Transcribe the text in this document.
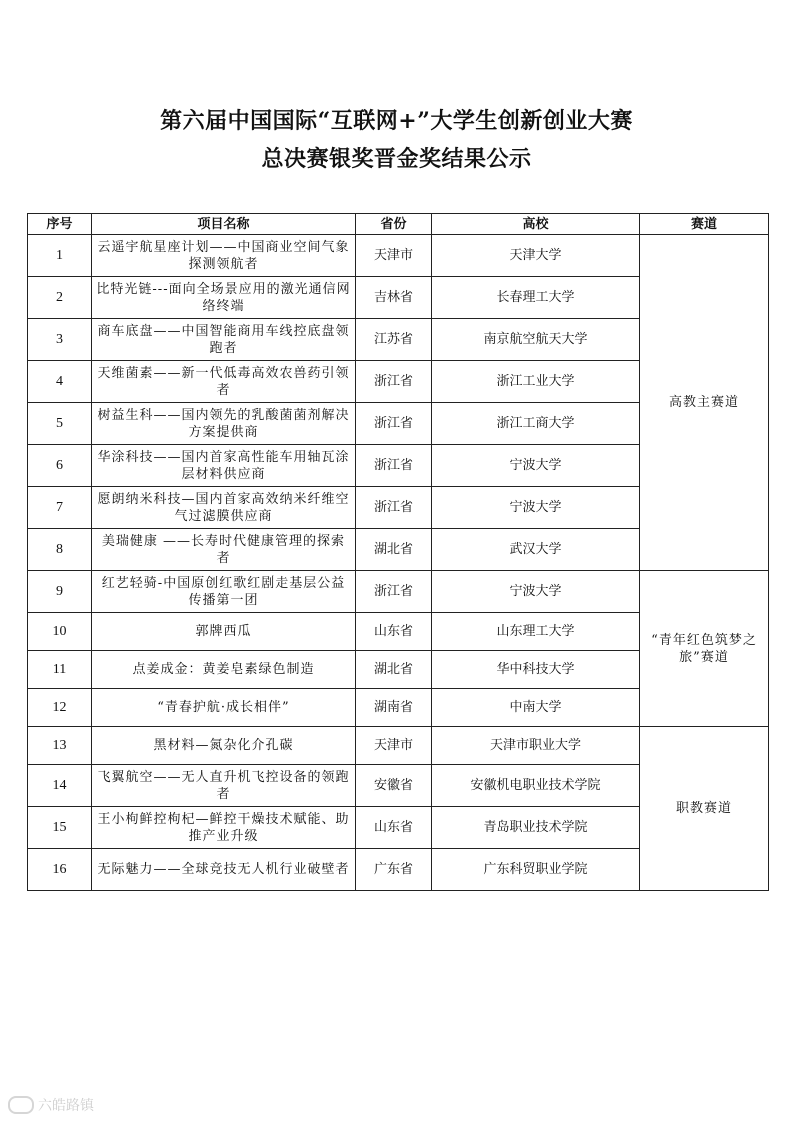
第六届中国国际“互联网+”大学生创新创业大赛
总决赛银奖晋金奖结果公示
序号	项目名称	省份	高校	赛道
1	云遥宇航星座计划——中国商业空间气象探测领航者	天津市	天津大学	高教主赛道
2	比特光链---面向全场景应用的激光通信网络终端	吉林省	长春理工大学	
3	商车底盘——中国智能商用车线控底盘领跑者	江苏省	南京航空航天大学	
4	天维菌素——新一代低毒高效农兽药引领者	浙江省	浙江工业大学	
5	树益生科——国内领先的乳酸菌菌剂解决方案提供商	浙江省	浙江工商大学	
6	华涂科技——国内首家高性能车用轴瓦涂层材料供应商	浙江省	宁波大学	
7	愿朗纳米科技—国内首家高效纳米纤维空气过滤膜供应商	浙江省	宁波大学	
8	美瑞健康 ——长寿时代健康管理的探索者	湖北省	武汉大学	
9	红艺轻骑-中国原创红歌红剧走基层公益传播第一团	浙江省	宁波大学	“青年红色筑梦之旅”赛道
10	郭牌西瓜	山东省	山东理工大学	
11	点姜成金：黄姜皂素绿色制造	湖北省	华中科技大学	
12	“青春护航·成长相伴”	湖南省	中南大学	
13	黑材料—氮杂化介孔碳	天津市	天津市职业大学	职教赛道
14	飞翼航空——无人直升机飞控设备的领跑者	安徽省	安徽机电职业技术学院	
15	王小枸鲜控枸杞—鲜控干燥技术赋能、助推产业升级	山东省	青岛职业技术学院	
16	无际魅力——全球竞技无人机行业破壁者	广东省	广东科贸职业学院	
六皓路镇
